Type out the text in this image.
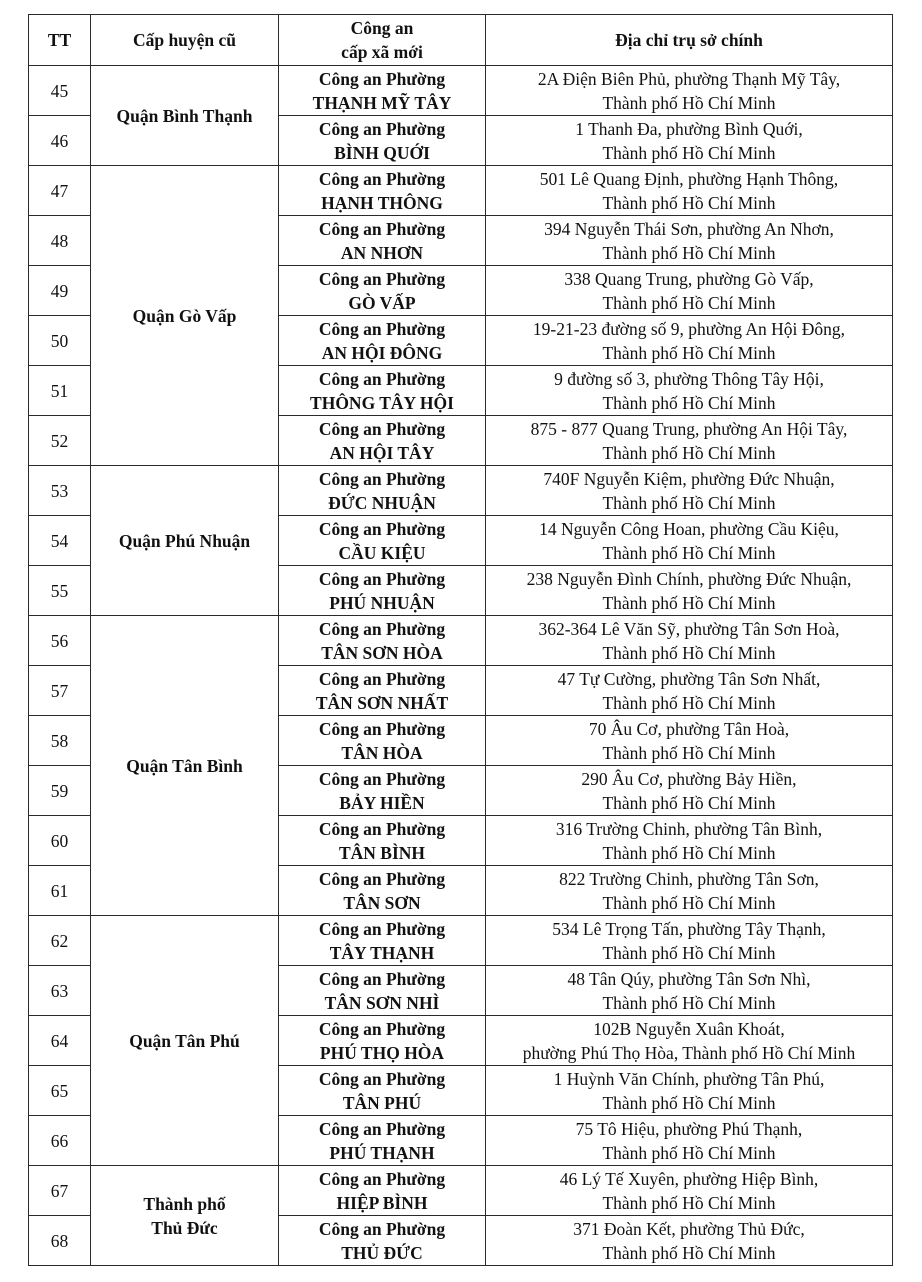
TT	Cấp huyện cũ	Công an
cấp xã mới	Địa chỉ trụ sở chính
45	Quận Bình Thạnh	Công an Phường
THẠNH MỸ TÂY	2A Điện Biên Phủ, phường Thạnh Mỹ Tây,
Thành phố Hồ Chí Minh

46		Công an Phường
BÌNH QUỚI	1 Thanh Đa, phường Bình Quới,
Thành phố Hồ Chí Minh

47	Quận Gò Vấp	Công an Phường
HẠNH THÔNG	501 Lê Quang Định, phường Hạnh Thông,
Thành phố Hồ Chí Minh

48		Công an Phường
AN NHƠN	394 Nguyễn Thái Sơn, phường An Nhơn,
Thành phố Hồ Chí Minh

49		Công an Phường
GÒ VẤP	338 Quang Trung, phường Gò Vấp,
Thành phố Hồ Chí Minh

50		Công an Phường
AN HỘI ĐÔNG	19-21-23 đường số 9, phường An Hội Đông,
Thành phố Hồ Chí Minh

51		Công an Phường
THÔNG TÂY HỘI	9 đường số 3, phường Thông Tây Hội,
Thành phố Hồ Chí Minh

52		Công an Phường
AN HỘI TÂY	875 - 877 Quang Trung, phường An Hội Tây,
Thành phố Hồ Chí Minh

53	Quận Phú Nhuận	Công an Phường
ĐỨC NHUẬN	740F Nguyễn Kiệm, phường Đức Nhuận,
Thành phố Hồ Chí Minh

54		Công an Phường
CẦU KIỆU	14 Nguyễn Công Hoan, phường Cầu Kiệu,
Thành phố Hồ Chí Minh

55		Công an Phường
PHÚ NHUẬN	238 Nguyễn Đình Chính, phường Đức Nhuận,
Thành phố Hồ Chí Minh

56	Quận Tân Bình	Công an Phường
TÂN SƠN HÒA	362-364 Lê Văn Sỹ, phường Tân Sơn Hoà,
Thành phố Hồ Chí Minh

57		Công an Phường
TÂN SƠN NHẤT	47 Tự Cường, phường Tân Sơn Nhất,
Thành phố Hồ Chí Minh

58		Công an Phường
TÂN HÒA	70 Âu Cơ, phường Tân Hoà,
Thành phố Hồ Chí Minh

59		Công an Phường
BẢY HIỀN	290 Âu Cơ, phường Bảy Hiền,
Thành phố Hồ Chí Minh

60		Công an Phường
TÂN BÌNH	316 Trường Chinh, phường Tân Bình,
Thành phố Hồ Chí Minh

61		Công an Phường
TÂN SƠN	822 Trường Chinh, phường Tân Sơn,
Thành phố Hồ Chí Minh

62	Quận Tân Phú	Công an Phường
TÂY THẠNH	534 Lê Trọng Tấn, phường Tây Thạnh,
Thành phố Hồ Chí Minh

63		Công an Phường
TÂN SƠN NHÌ	48 Tân Qúy, phường Tân Sơn Nhì,
Thành phố Hồ Chí Minh

64		Công an Phường
PHÚ THỌ HÒA	102B Nguyễn Xuân Khoát,
phường Phú Thọ Hòa, Thành phố Hồ Chí Minh

65		Công an Phường
TÂN PHÚ	1 Huỳnh Văn Chính, phường Tân Phú,
Thành phố Hồ Chí Minh

66		Công an Phường
PHÚ THẠNH	75 Tô Hiệu, phường Phú Thạnh,
Thành phố Hồ Chí Minh

67	Thành phố
Thủ Đức	Công an Phường
HIỆP BÌNH	46 Lý Tế Xuyên, phường Hiệp Bình,
Thành phố Hồ Chí Minh

68		Công an Phường
THỦ ĐỨC	371 Đoàn Kết, phường Thủ Đức,
Thành phố Hồ Chí Minh
